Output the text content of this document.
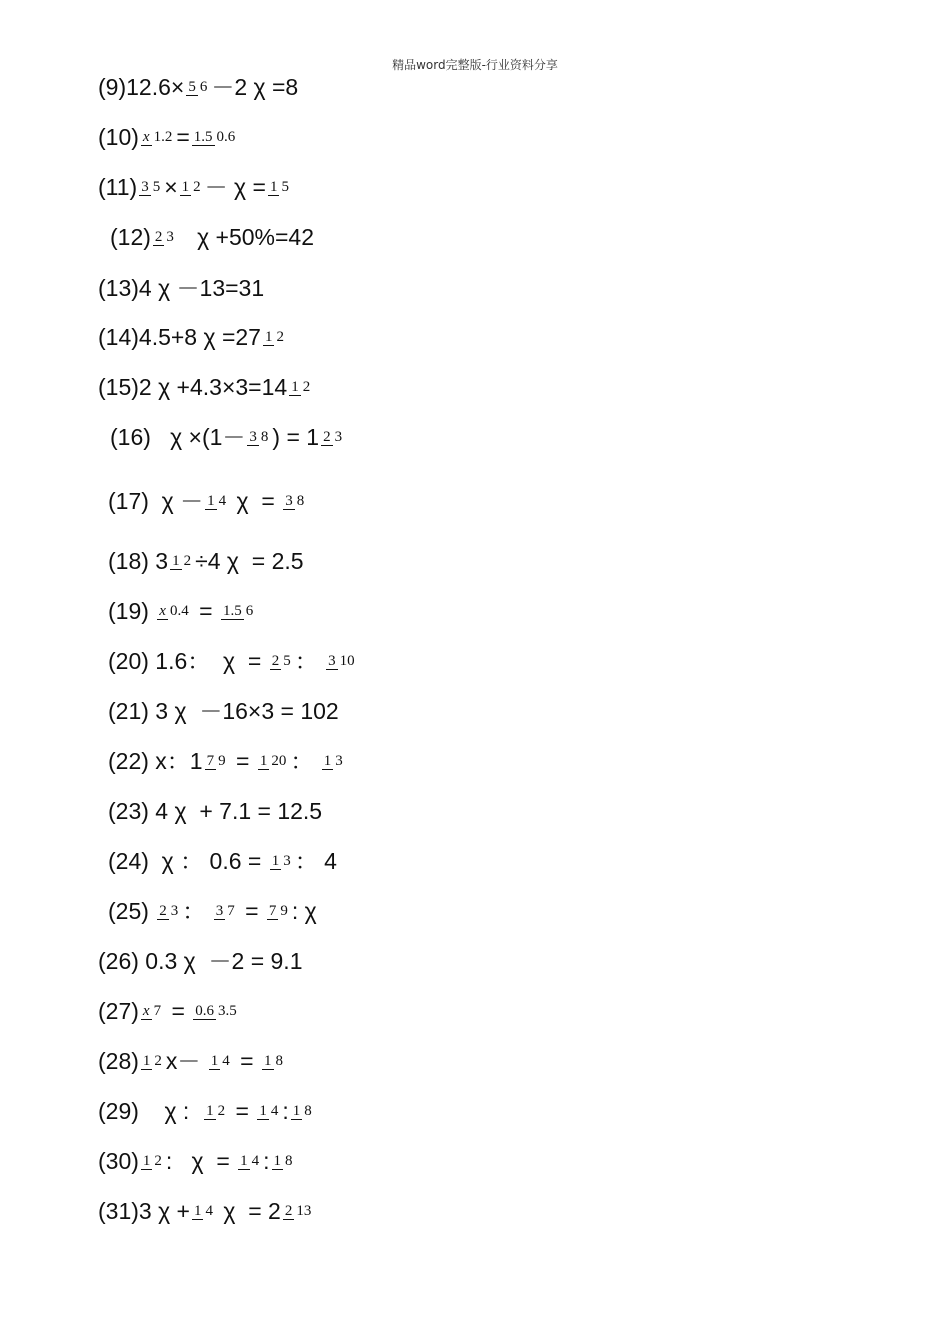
精品word完整版-行业资料分享
(9)12.6× 5 6 －2 χ =8
(10) x 1.2 = 1.5 0.6
(11) 3 5 × 1 2 － χ = 1 5
(12) 2 3 χ +50%=42
(13)4 χ －13=31
(14)4.5+8 χ =27 1 2
(15)2 χ +4.3×3=14 1 2
(16)   χ ×(1－ 3 8 ) = 1 2 3
(17)  χ － 1 4 χ  = 3 8
(18) 3 1 2 ÷4 χ  = 2.5
(19) x 0.4 = 1.5 6
(20) 1.6：  χ  = 2 5 ： 3 10
(21) 3 χ  －16×3 = 102
(22) x：1 7 9 = 1 20 ： 1 3
(23) 4 χ  + 7.1 = 12.5
(24)  χ ： 0.6 = 1 3 ： 4
(25) 2 3 ： 3 7 = 7 9 : χ
(26) 0.3 χ  －2 = 9.1
(27) x 7 = 0.6 3.5
(28) 1 2 x－ 1 4 = 1 8
(29)    χ : 1 2 = 1 4 : 1 8
(30) 1 2 :   χ  = 1 4 : 1 8
(31)3 χ + 1 4 χ  = 2 2 13
